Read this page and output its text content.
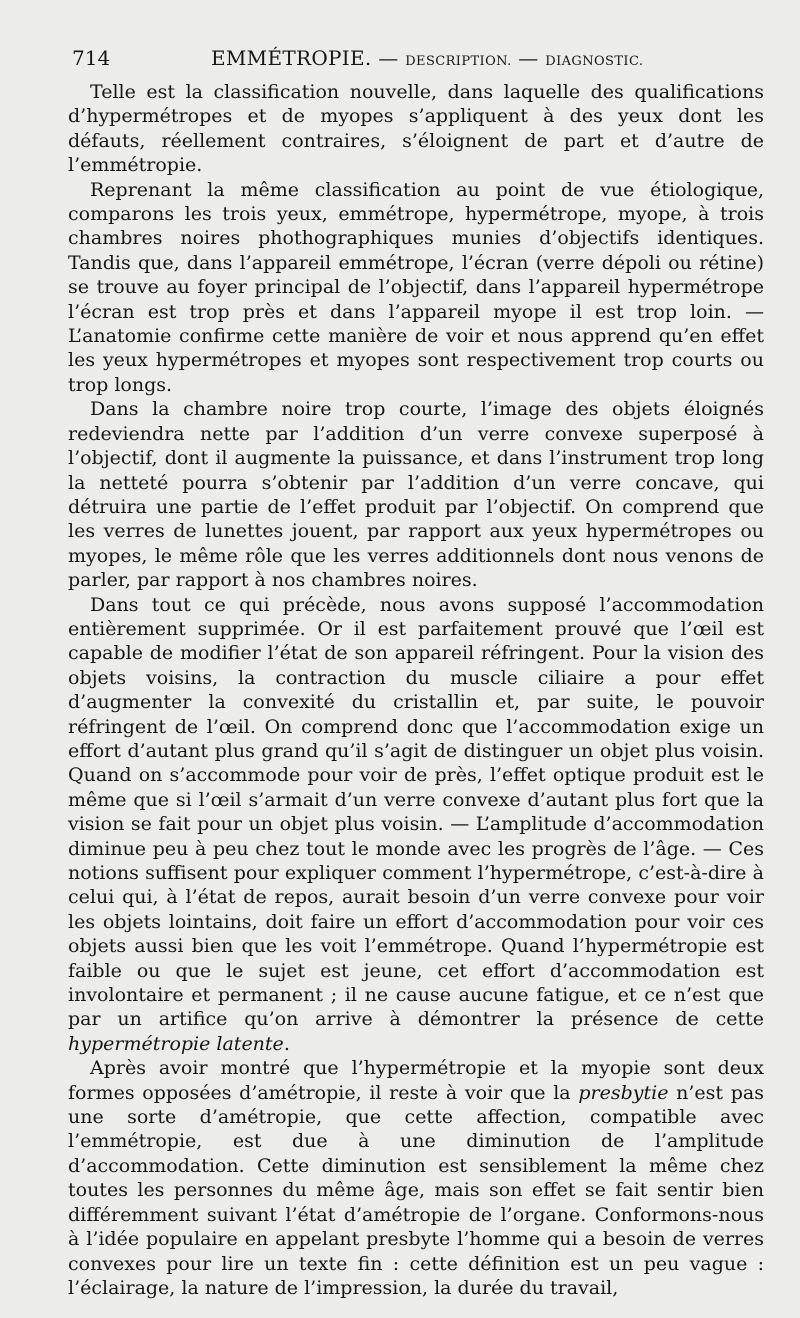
714	EMMÉTROPIE. — DESCRIPTION. — DIAGNOSTIC.

Telle est la classification nouvelle, dans laquelle des qualifications d’hypermétropes et de myopes s’appliquent à des yeux dont les défauts, réellement contraires, s’éloignent de part et d’autre de l’emmétropie.

Reprenant la même classification au point de vue étiologique, comparons les trois yeux, emmétrope, hypermétrope, myope, à trois chambres noires phothographiques munies d’objectifs identiques. Tandis que, dans l’appareil emmétrope, l’écran (verre dépoli ou rétine) se trouve au foyer principal de l’objectif, dans l’appareil hypermétrope l’écran est trop près et dans l’appareil myope il est trop loin. — L’anatomie confirme cette manière de voir et nous apprend qu’en effet les yeux hypermétropes et myopes sont respectivement trop courts ou trop longs.

Dans la chambre noire trop courte, l’image des objets éloignés redeviendra nette par l’addition d’un verre convexe superposé à l’objectif, dont il augmente la puissance, et dans l’instrument trop long la netteté pourra s’obtenir par l’addition d’un verre concave, qui détruira une partie de l’effet produit par l’objectif. On comprend que les verres de lunettes jouent, par rapport aux yeux hypermétropes ou myopes, le même rôle que les verres additionnels dont nous venons de parler, par rapport à nos chambres noires.

Dans tout ce qui précède, nous avons supposé l’accommodation entièrement supprimée. Or il est parfaitement prouvé que l’œil est capable de modifier l’état de son appareil réfringent. Pour la vision des objets voisins, la contraction du muscle ciliaire a pour effet d’augmenter la convexité du cristallin et, par suite, le pouvoir réfringent de l’œil. On comprend donc que l’accommodation exige un effort d’autant plus grand qu’il s’agit de distinguer un objet plus voisin. Quand on s’accommode pour voir de près, l’effet optique produit est le même que si l’œil s’armait d’un verre convexe d’autant plus fort que la vision se fait pour un objet plus voisin. — L’amplitude d’accommodation diminue peu à peu chez tout le monde avec les progrès de l’âge. — Ces notions suffisent pour expliquer comment l’hypermétrope, c’est-à-dire à celui qui, à l’état de repos, aurait besoin d’un verre convexe pour voir les objets lointains, doit faire un effort d’accommodation pour voir ces objets aussi bien que les voit l’emmétrope. Quand l’hypermétropie est faible ou que le sujet est jeune, cet effort d’accommodation est involontaire et permanent ; il ne cause aucune fatigue, et ce n’est que par un artifice qu’on arrive à démontrer la présence de cette hypermétropie latente.

Après avoir montré que l’hypermétropie et la myopie sont deux formes opposées d’amétropie, il reste à voir que la presbytie n’est pas une sorte d’amétropie, que cette affection, compatible avec l’emmétropie, est due à une diminution de l’amplitude d’accommodation. Cette diminution est sensiblement la même chez toutes les personnes du même âge, mais son effet se fait sentir bien différemment suivant l’état d’amétropie de l’organe. Conformons-nous à l’idée populaire en appelant presbyte l’homme qui a besoin de verres convexes pour lire un texte fin : cette définition est un peu vague : l’éclairage, la nature de l’impression, la durée du travail,
